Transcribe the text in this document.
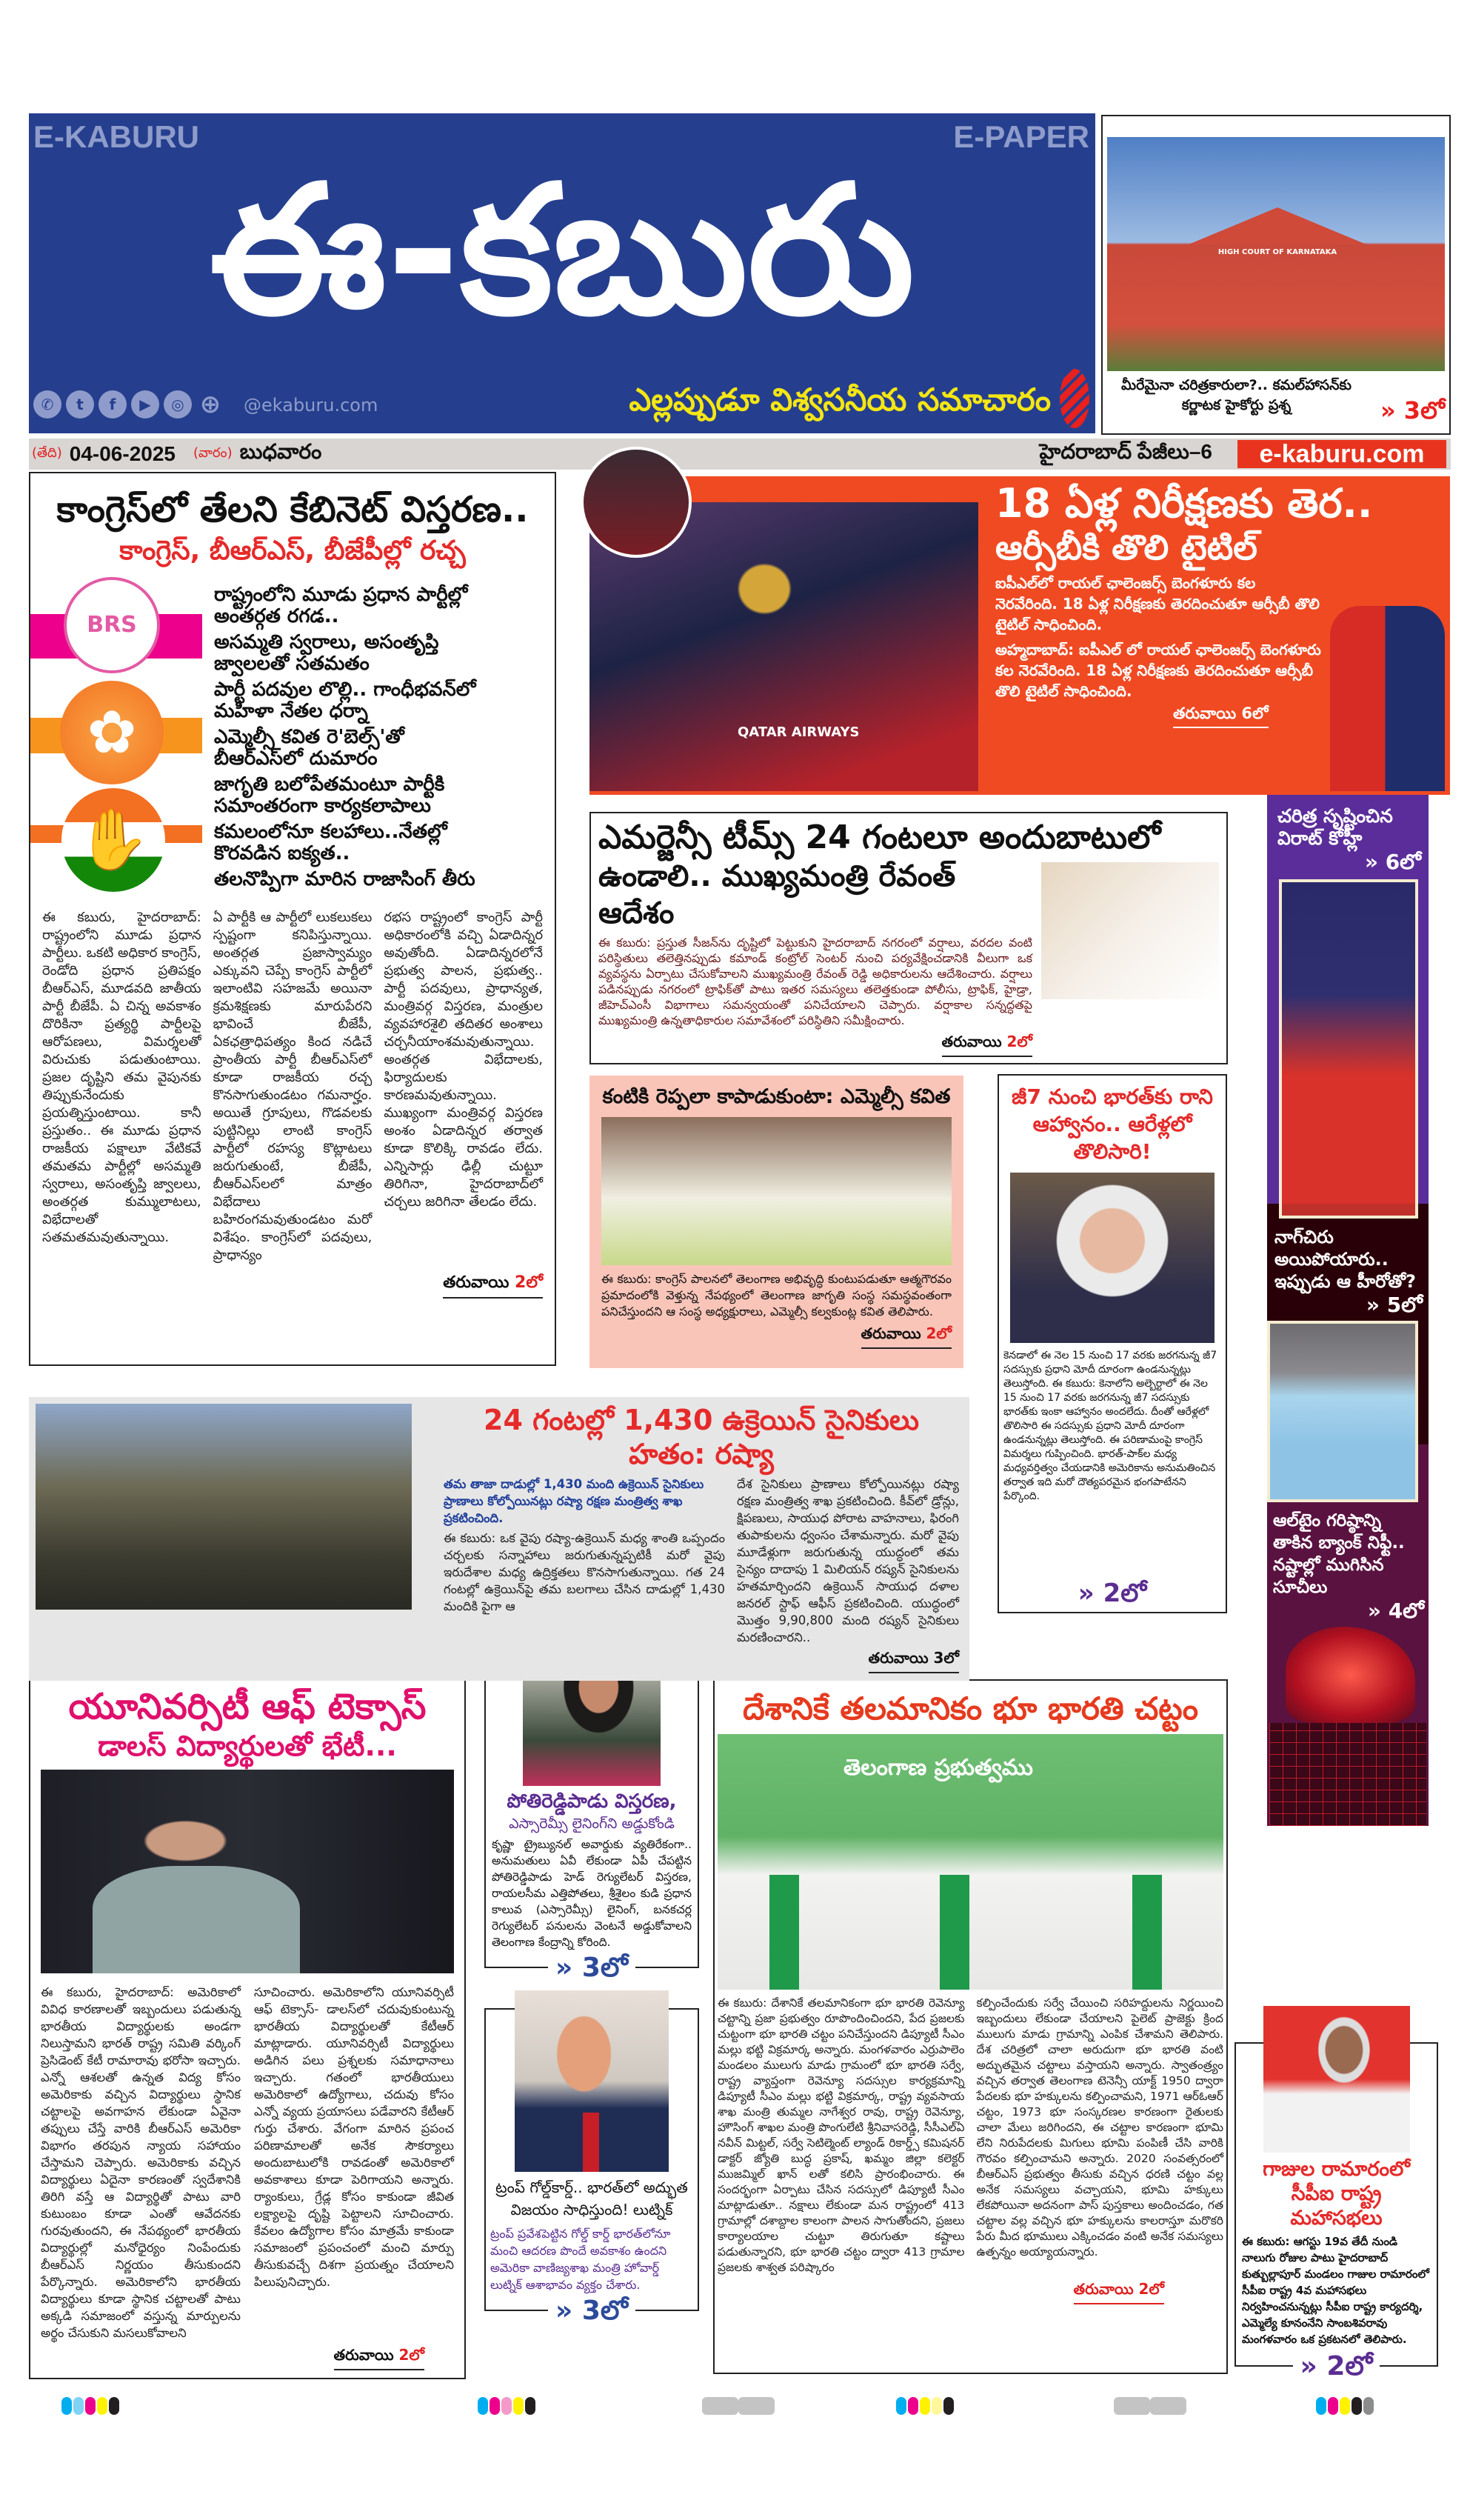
E-KABURU	E-PAPER
ఈ-కబురు
✆	t	f	▶	◎ ⊕ @ekaburu.com	ఎల్లప్పుడూ విశ్వసనీయ సమాచారం
HIGH COURT OF KARNATAKA
మీరేమైనా చరిత్రకారులా?.. కమల్‌హాసన్‌కు
కర్ణాటక హైకోర్టు ప్రశ్న	» 3లో
(తేది) 04-06-2025 (వారం) బుధవారం	హైదరాబాద్ పేజీలు–6	e-kaburu.com
కాంగ్రెస్‌లో తేలని కేబినెట్ విస్తరణ..
కాంగ్రెస్, బీఆర్ఎస్, బీజేపీల్లో రచ్చ
BRS
✿
✋
రాష్ట్రంలోని మూడు ప్రధాన పార్టీల్లో
అంతర్గత రగడ..
అసమ్మతి స్వరాలు, అసంతృప్తి
జ్వాలలతో సతమతం
పార్టీ పదవుల లొల్లి.. గాంధీభవన్‌లో
మహిళా నేతల ధర్నా
ఎమ్మెల్సీ కవిత రె'బెల్స్'తో
బీఆర్ఎస్‌లో దుమారం
జాగృతి బలోపేతమంటూ పార్టీకి
సమాంతరంగా కార్యకలాపాలు
కమలంలోనూ కలహాలు..నేతల్లో
కొరవడిన ఐక్యత..
తలనొప్పిగా మారిన రాజాసింగ్ తీరు
ఈ కబురు, హైదరాబాద్: రాష్ట్రంలోని మూడు ప్రధాన పార్టీలు. ఒకటి అధికార కాంగ్రెస్, రెండోది ప్రధాన ప్రతిపక్షం బీఆర్ఎస్, మూడవది జాతీయ పార్టీ బీజేపీ. ఏ చిన్న అవకాశం దొరికినా ప్రత్యర్థి పార్టీలపై ఆరోపణలు, విమర్శలతో విరుచుకు పడుతుంటాయి. ప్రజల దృష్టిని తమ వైపునకు తిప్పుకునేందుకు ప్రయత్నిస్తుంటాయి. కానీ ప్రస్తుతం.. ఈ మూడు ప్రధాన రాజకీయ పక్షాలూ వేటికవే తమతమ పార్టీల్లో అసమ్మతి స్వరాలు, అసంతృప్తి జ్వాలలు, అంతర్గత కుమ్ములాటలు, విభేదాలతో సతమతమవుతున్నాయి.
ఏ పార్టీకి ఆ పార్టీలో లుకలుకలు స్పష్టంగా కనిపిస్తున్నాయి. అంతర్గత ప్రజాస్వామ్యం ఎక్కువని చెప్పే కాంగ్రెస్ పార్టీలో ఇలాంటివి సహజమే అయినా క్రమశిక్షణకు మారుపేరని భావించే బీజేపీ, ఏకఛత్రాధిపత్యం కింద నడిచే ప్రాంతీయ పార్టీ బీఆర్ఎస్‌లో కూడా రాజకీయ రచ్చ కొనసాగుతుండటం గమనార్హం. అయితే గ్రూపులు, గొడవలకు పుట్టినిల్లు లాంటి కాంగ్రెస్ పార్టీలో రహస్య కొట్లాటలు జరుగుతుంటే, బీజేపీ, బీఆర్ఎస్‌లలో మాత్రం విభేదాలు బహిరంగమవుతుండటం మరో విశేషం. కాంగ్రెస్‌లో పదవులు, ప్రాధాన్యం
రభస రాష్ట్రంలో కాంగ్రెస్ పార్టీ అధికారంలోకి వచ్చి ఏడాదిన్నర అవుతోంది. ఏడాదిన్నరలోనే ప్రభుత్వ పాలన, ప్రభుత్వ.. పార్టీ పదవులు, ప్రాధాన్యత, మంత్రివర్గ విస్తరణ, మంత్రుల వ్యవహారశైలి తదితర అంశాలు చర్చనీయాంశమవుతున్నాయి. అంతర్గత విభేదాలకు, ఫిర్యాదులకు కారణమవుతున్నాయి. ముఖ్యంగా మంత్రివర్గ విస్తరణ అంశం ఏడాదిన్నర తర్వాత కూడా కొలిక్కి రావడం లేదు. ఎన్నిసార్లు ఢిల్లీ చుట్టూ తిరిగినా, హైదరాబాద్‌లో చర్చలు జరిగినా తేలడం లేదు.
తరువాయి 2లో
QATAR AIRWAYS
18 ఏళ్ల నిరీక్షణకు తెర..
ఆర్సీబీకి తొలి టైటిల్
ఐపీఎల్‌లో రాయల్ ఛాలెంజర్స్ బెంగళూరు కల నెరవేరింది. 18 ఏళ్ల నిరీక్షణకు తెరదించుతూ ఆర్సీబీ తొలి టైటిల్ సాధించింది.
అహ్మదాబాద్: ఐపీఎల్ లో రాయల్ ఛాలెంజర్స్ బెంగళూరు కల నెరవేరింది. 18 ఏళ్ల నిరీక్షణకు తెరదించుతూ ఆర్సీబీ తొలి టైటిల్ సాధించింది.
తరువాయి 6లో
ఎమర్జెన్సీ టీమ్స్ 24 గంటలూ అందుబాటులో
ఉండాలి.. ముఖ్యమంత్రి రేవంత్ ఆదేశం
ఈ కబురు: ప్రస్తుత సీజన్‌ను దృష్టిలో పెట్టుకుని హైదరాబాద్ నగరంలో వర్షాలు, వరదల వంటి పరిస్థితులు తలెత్తినప్పుడు కమాండ్ కంట్రోల్ సెంటర్ నుంచి పర్యవేక్షించడానికి వీలుగా ఒక వ్యవస్థను ఏర్పాటు చేసుకోవాలని ముఖ్యమంత్రి రేవంత్ రెడ్డి అధికారులను ఆదేశించారు. వర్షాలు పడినప్పుడు నగరంలో ట్రాఫిక్‌తో పాటు ఇతర సమస్యలు తలెత్తకుండా పోలీసు, ట్రాఫిక్, హైడ్రా, జీహెచ్ఎంసీ విభాగాలు సమన్వయంతో పనిచేయాలని చెప్పారు. వర్షాకాల సన్నద్ధతపై ముఖ్యమంత్రి ఉన్నతాధికారుల సమావేశంలో పరిస్థితిని సమీక్షించారు.
తరువాయి 2లో
కంటికి రెప్పలా కాపాడుకుంటా: ఎమ్మెల్సీ కవిత
ఈ కబురు: కాంగ్రెస్ పాలనలో తెలంగాణ అభివృద్ధి కుంటుపడుతూ ఆత్మగౌరవం ప్రమాదంలోకి వెళ్తున్న నేపథ్యంలో తెలంగాణ జాగృతి సంస్థ సమస్థవంతంగా పనిచేస్తుందని ఆ సంస్థ అధ్యక్షురాలు, ఎమ్మెల్సీ కల్వకుంట్ల కవిత తెలిపారు.
తరువాయి 2లో
జీ7 నుంచి భారత్‌కు రాని ఆహ్వానం.. ఆరేళ్లలో తొలిసారి!
కెనడాలో ఈ నెల 15 నుంచి 17 వరకు జరగనున్న జీ7 సదస్సుకు ప్రధాని మోదీ దూరంగా ఉండనున్నట్లు తెలుస్తోంది. ఈ కబురు: కెనాలోని అల్బెర్టాలో ఈ నెల 15 నుంచి 17 వరకు జరగనున్న జీ7 సదస్సుకు భారత్‌కు ఇంకా ఆహ్వానం అందలేదు. దీంతో ఆరేళ్లలో తొలిసారి ఈ సదస్సుకు ప్రధాని మోదీ దూరంగా ఉండనున్నట్లు తెలుస్తోంది. ఈ పరిణామంపై కాంగ్రెస్ విమర్శలు గుప్పించింది. భారత్-పాక్‌ల మధ్య మధ్యవర్తిత్వం చేయడానికి అమెరికాను అనుమతించిన తర్వాత ఇది మరో దౌత్యపరమైన భంగపాటేనని పేర్కొంది.
» 2లో
చరిత్ర సృష్టించిన విరాట్ కోహ్లీ
» 6లో
నాగ్‌చిరు అయిపోయారు.. ఇప్పుడు ఆ హీరోతో?
» 5లో
ఆల్‌టైం గరిష్ఠాన్ని తాకిన బ్యాంక్ నిఫ్టీ.. నష్టాల్లో ముగిసిన సూచీలు
» 4లో
24 గంటల్లో 1,430 ఉక్రెయిన్ సైనికులు హతం: రష్యా
తమ తాజా దాడుల్లో 1,430 మంది ఉక్రెయిన్ సైనికులు ప్రాణాలు కోల్పోయినట్లు రష్యా రక్షణ మంత్రిత్వ శాఖ ప్రకటించింది.
ఈ కబురు: ఒక వైపు రష్యా-ఉక్రెయిన్ మధ్య శాంతి ఒప్పందం చర్చలకు సన్నాహాలు జరుగుతున్నప్పటికీ మరో వైపు ఇరుదేశాల మధ్య ఉద్రిక్తతలు కొనసాగుతున్నాయి. గత 24 గంటల్లో ఉక్రెయిన్‌పై తమ బలగాలు చేసిన దాడుల్లో 1,430 మందికి పైగా ఆ
దేశ సైనికులు ప్రాణాలు కోల్పోయినట్లు రష్యా రక్షణ మంత్రిత్వ శాఖ ప్రకటించింది. కీవ్‌లో డ్రోన్లు, క్షిపణులు, సాయుధ పోరాట వాహనాలు, ఫిరంగి తుపాకులను ధ్వంసం చేశామన్నారు. మరో వైపు మూడేళ్లుగా జరుగుతున్న యుద్ధంలో తమ సైన్యం దాదాపు 1 మిలియన్ రష్యన్ సైనికులను హతమార్చిందని ఉక్రెయిన్ సాయుధ దళాల జనరల్ స్టాఫ్ ఆఫీస్ ప్రకటించింది. యుద్ధంలో మొత్తం 9,90,800 మంది రష్యన్ సైనికులు మరణించారని..
తరువాయి 3లో
యూనివర్సిటీ ఆఫ్ టెక్సాస్
డాలస్ విద్యార్థులతో భేటీ...
ఈ కబురు, హైదరాబాద్: అమెరికాలో వివిధ కారణాలతో ఇబ్బందులు పడుతున్న భారతీయ విద్యార్థులకు అండగా నిలుస్తామని భారత్ రాష్ట్ర సమితి వర్కింగ్ ప్రెసిడెంట్ కేటీ రామారావు భరోసా ఇచ్చారు. ఎన్నో ఆశలతో ఉన్నత విద్య కోసం అమెరికాకు వచ్చిన విద్యార్థులు స్థానిక చట్టాలపై అవగాహన లేకుండా ఏవైనా తప్పులు చేస్తే వారికి బీఆర్ఎస్ అమెరికా విభాగం తరపున న్యాయ సహాయం చేస్తామని చెప్పారు. అమెరికాకు వచ్చిన విద్యార్థులు ఏదైనా కారణంతో స్వదేశానికి తిరిగి వస్తే ఆ విద్యార్థితో పాటు వారి కుటుంబం కూడా ఎంతో ఆవేదనకు గురవుతుందని, ఈ నేపథ్యంలో భారతీయ విద్యార్థుల్లో మనోధైర్యం నింపేందుకు బీఆర్ఎస్ నిర్ణయం తీసుకుందని పేర్కొన్నారు. అమెరికాలోని భారతీయ విద్యార్థులు కూడా స్థానిక చట్టాలతో పాటు అక్కడి సమాజంలో వస్తున్న మార్పులను అర్థం చేసుకుని మసలుకోవాలని
సూచించారు. అమెరికాలోని యూనివర్సిటీ ఆఫ్ టెక్సాస్- డాలస్‌లో చదువుకుంటున్న భారతీయ విద్యార్థులతో కేటీఆర్ మాట్లాడారు. యూనివర్సిటీ విద్యార్థులు అడిగిన పలు ప్రశ్నలకు సమాధానాలు ఇచ్చారు. గతంలో భారతీయులు అమెరికాలో ఉద్యోగాలు, చదువు కోసం ఎన్నో వ్యయ ప్రయాసలు పడేవారని కేటీఆర్ గుర్తు చేశారు. వేగంగా మారిన ప్రపంచ పరిణామాలతో అనేక సౌకర్యాలు అందుబాటులోకి రావడంతో అమెరికాలో అవకాశాలు కూడా పెరిగాయని అన్నారు. ర్యాంకులు, గ్రేడ్ల కోసం కాకుండా జీవిత లక్ష్యాలపై దృష్టి పెట్టాలని సూచించారు. కేవలం ఉద్యోగాల కోసం మాత్రమే కాకుండా సమాజంలో ప్రపంచంలో మంచి మార్పు తీసుకువచ్చే దిశగా ప్రయత్నం చేయాలని పిలుపునిచ్చారు.
తరువాయి 2లో
పోతిరెడ్డిపాడు విస్తరణ,
ఎస్సారెమ్సీ లైనింగ్‌ని అడ్డుకోండి
కృష్ణా ట్రైబ్యునల్ అవార్డుకు వ్యతిరేకంగా.. అనుమతులు ఏవీ లేకుండా ఏపీ చేపట్టిన పోతిరెడ్డిపాడు హెడ్ రెగ్యులేటర్ విస్తరణ, రాయలసీమ ఎత్తిపోతలు, శ్రీశైలం కుడి ప్రధాన కాలువ (ఎస్సారెమ్సీ) లైనింగ్, బనకచర్ల రెగ్యులేటర్ పనులను వెంటనే అడ్డుకోవాలని తెలంగాణ కేంద్రాన్ని కోరింది.
» 3లో
ట్రంప్ గోల్డ్‌కార్డ్.. భారత్‌లో అద్భుత విజయం సాధిస్తుంది! లుట్నిక్
ట్రంప్ ప్రవేశపెట్టిన గోల్డ్ కార్డ్ భారత్‌లోనూ మంచి ఆదరణ పొందే అవకాశం ఉందని అమెరికా వాణిజ్యశాఖ మంత్రి హోవార్డ్ లుట్నిక్ ఆశాభావం వ్యక్తం చేశారు.
» 3లో
దేశానికే తలమానికం భూ భారతి చట్టం
తెలంగాణ ప్రభుత్వము
ఈ కబురు: దేశానికే తలమానికంగా భూ భారతి రెవెన్యూ చట్టాన్ని ప్రజా ప్రభుత్వం రూపొందించిందని, పేద ప్రజలకు చుట్టంగా భూ భారతి చట్టం పనిచేస్తుందని డిప్యూటీ సీఎం మల్లు భట్టి విక్రమార్క అన్నారు. మంగళవారం ఎర్రుపాలెం మండలం ములుగు మాడు గ్రామంలో భూ భారతి సర్వే, రాష్ట్ర వ్యాప్తంగా రెవెన్యూ సదస్సుల కార్యక్రమాన్ని డిప్యూటీ సీఎం మల్లు భట్టి విక్రమార్క, రాష్ట్ర వ్యవసాయ శాఖ మంత్రి తుమ్మల నాగేశ్వర రావు, రాష్ట్ర రెవెన్యూ, హౌసింగ్ శాఖల మంత్రి పొంగులేటి శ్రీనివాసరెడ్డి, సీసీఎల్ఏ నవీన్ మిట్టల్, సర్వే సెటిల్మెంట్ ల్యాండ్ రికార్డ్స్ కమిషనర్ డాక్టర్ జ్యోతి బుద్ధ ప్రకాష్, ఖమ్మం జిల్లా కలెక్టర్ ముజమ్మిల్ ఖాన్ లతో కలిసి ప్రారంభించారు. ఈ సందర్భంగా ఏర్పాటు చేసిన సదస్సులో డిప్యూటీ సీఎం మాట్లాడుతూ.. నక్షాలు లేకుండా మన రాష్ట్రంలో 413 గ్రామాల్లో దశాబ్దాల కాలంగా పాలన సాగుతోందని, ప్రజలు కార్యాలయాల చుట్టూ తిరుగుతూ కష్టాలు పడుతున్నారని, భూ భారతి చట్టం ద్వారా 413 గ్రామాల ప్రజలకు శాశ్వత పరిష్కారం
కల్పించేందుకు సర్వే చేయించి సరిహద్దులను నిర్ణయించి ఇబ్బందులు లేకుండా చేయాలని పైలెట్ ప్రాజెక్టు క్రింద ములుగు మాడు గ్రామాన్ని ఎంపిక చేశామని తెలిపారు. దేశ చరిత్రలో చాలా అరుదుగా భూ భారతి వంటి అద్భుతమైన చట్టాలు వస్తాయని అన్నారు. స్వాతంత్ర్యం వచ్చిన తర్వాత తెలంగాణ టెనెన్సీ యాక్ట్ 1950 ద్వారా పేదలకు భూ హక్కులను కల్పించామని, 1971 ఆర్ఓఆర్ చట్టం, 1973 భూ సంస్కరణల కారణంగా రైతులకు చాలా మేలు జరిగిందని, ఈ చట్టాల కారణంగా భూమి లేని నిరుపేదలకు మిగులు భూమి పంపిణీ చేసి వారికి గౌరవం కల్పించామని అన్నారు. 2020 సంవత్సరంలో బీఆర్ఎస్ ప్రభుత్వం తీసుకు వచ్చిన ధరణి చట్టం వల్ల అనేక సమస్యలు వచ్చాయని, భూమి హక్కులు లేకపోయినా అదనంగా పాస్ పుస్తకాలు అందించడం, గత చట్టాల వల్ల వచ్చిన భూ హక్కులను కాలరాస్తూ మరొకరి పేరు మీద భూములు ఎక్కించడం వంటి అనేక సమస్యలు ఉత్పన్నం అయ్యాయన్నారు.
తరువాయి 2లో
గాజుల రామారంలో
సీపీఐ రాష్ట్ర మహాసభలు
ఈ కబురు: ఆగస్టు 19వ తేదీ నుండి నాలుగు రోజుల పాటు హైదరాబాద్ కుత్బుల్లాపూర్ మండలం గాజుల రామారంలో సీపీఐ రాష్ట్ర 4వ మహాసభలు నిర్వహించనున్నట్లు సీపీఐ రాష్ట్ర కార్యదర్శి, ఎమ్మెల్యే కూనంనేని సాంబశివరావు మంగళవారం ఒక ప్రకటనలో తెలిపారు.
» 2లో
